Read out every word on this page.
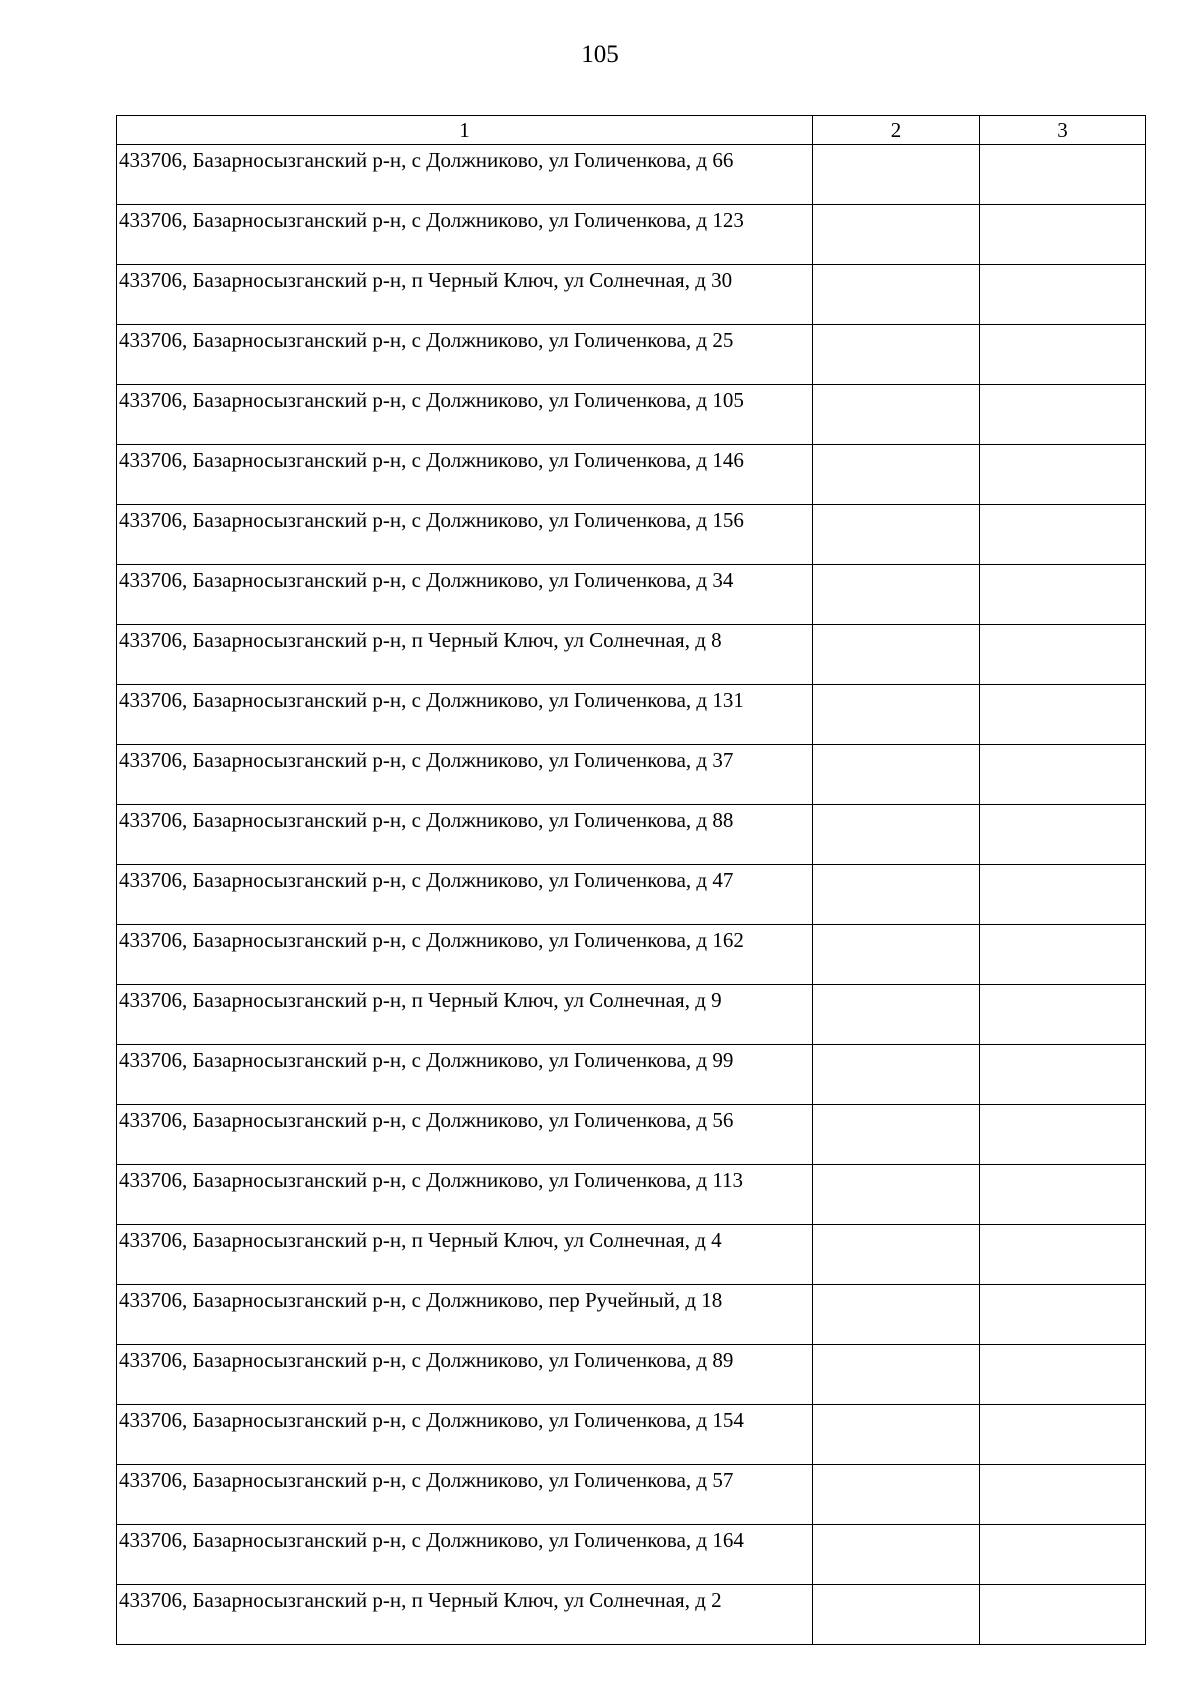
105
1	2	3
433706, Базарносызганский р-н, с Должниково, ул Голиченкова, д 66		
433706, Базарносызганский р-н, с Должниково, ул Голиченкова, д 123		
433706, Базарносызганский р-н, п Черный Ключ, ул Солнечная, д 30		
433706, Базарносызганский р-н, с Должниково, ул Голиченкова, д 25		
433706, Базарносызганский р-н, с Должниково, ул Голиченкова, д 105		
433706, Базарносызганский р-н, с Должниково, ул Голиченкова, д 146		
433706, Базарносызганский р-н, с Должниково, ул Голиченкова, д 156		
433706, Базарносызганский р-н, с Должниково, ул Голиченкова, д 34		
433706, Базарносызганский р-н, п Черный Ключ, ул Солнечная, д 8		
433706, Базарносызганский р-н, с Должниково, ул Голиченкова, д 131		
433706, Базарносызганский р-н, с Должниково, ул Голиченкова, д 37		
433706, Базарносызганский р-н, с Должниково, ул Голиченкова, д 88		
433706, Базарносызганский р-н, с Должниково, ул Голиченкова, д 47		
433706, Базарносызганский р-н, с Должниково, ул Голиченкова, д 162		
433706, Базарносызганский р-н, п Черный Ключ, ул Солнечная, д 9		
433706, Базарносызганский р-н, с Должниково, ул Голиченкова, д 99		
433706, Базарносызганский р-н, с Должниково, ул Голиченкова, д 56		
433706, Базарносызганский р-н, с Должниково, ул Голиченкова, д 113		
433706, Базарносызганский р-н, п Черный Ключ, ул Солнечная, д 4		
433706, Базарносызганский р-н, с Должниково, пер Ручейный, д 18		
433706, Базарносызганский р-н, с Должниково, ул Голиченкова, д 89		
433706, Базарносызганский р-н, с Должниково, ул Голиченкова, д 154		
433706, Базарносызганский р-н, с Должниково, ул Голиченкова, д 57		
433706, Базарносызганский р-н, с Должниково, ул Голиченкова, д 164		
433706, Базарносызганский р-н, п Черный Ключ, ул Солнечная, д 2		
